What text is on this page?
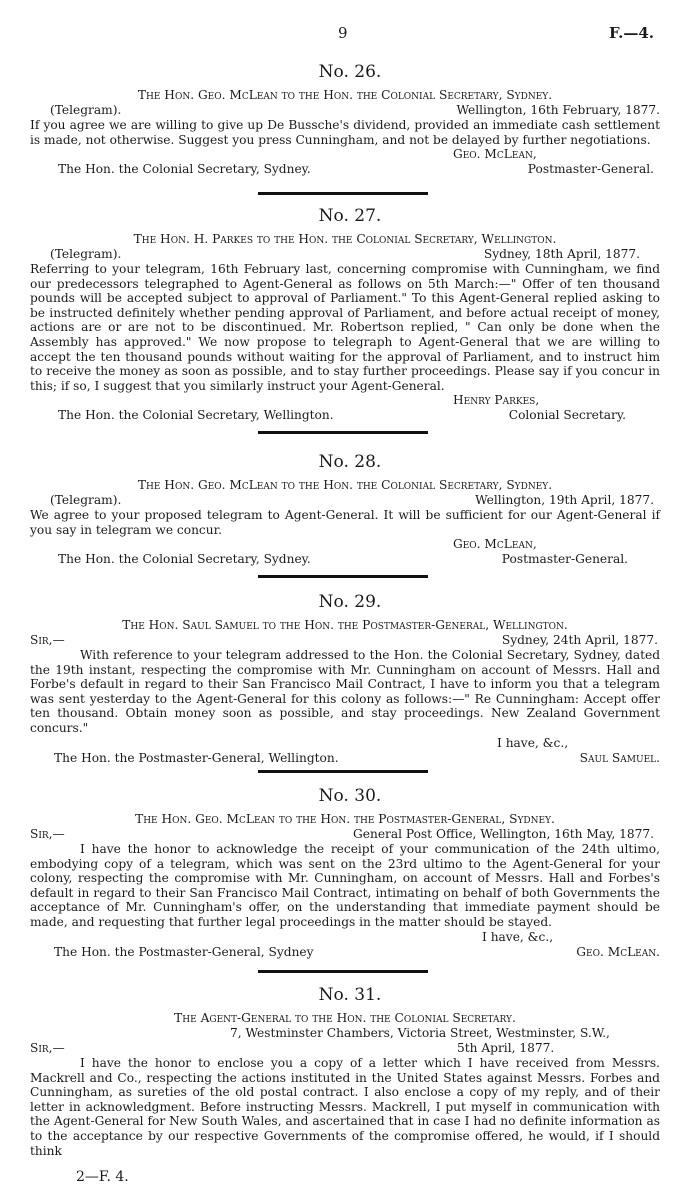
9	F.—4.
No. 26.
The Hon. Geo. McLean to the Hon. the Colonial Secretary, Sydney.
(Telegram).	Wellington, 16th February, 1877.

If you agree we are willing to give up De Bussche's dividend, provided an immediate cash settlement is made, not otherwise. Suggest you press Cunningham, and not be delayed by further negotiations.

Geo. McLean,
The Hon. the Colonial Secretary, Sydney.	Postmaster-General.
No. 27.
The Hon. H. Parkes to the Hon. the Colonial Secretary, Wellington.
(Telegram).	Sydney, 18th April, 1877.

Referring to your telegram, 16th February last, concerning compromise with Cunningham, we find our predecessors telegraphed to Agent-General as follows on 5th March:—" Offer of ten thousand pounds will be accepted subject to approval of Parliament." To this Agent-General replied asking to be instructed definitely whether pending approval of Parliament, and before actual receipt of money, actions are or are not to be discontinued. Mr. Robertson replied, " Can only be done when the Assembly has approved." We now propose to telegraph to Agent-General that we are willing to accept the ten thousand pounds without waiting for the approval of Parliament, and to instruct him to receive the money as soon as possible, and to stay further proceedings. Please say if you concur in this; if so, I suggest that you similarly instruct your Agent-General.

Henry Parkes,
The Hon. the Colonial Secretary, Wellington.	Colonial Secretary.
No. 28.
The Hon. Geo. McLean to the Hon. the Colonial Secretary, Sydney.
(Telegram).	Wellington, 19th April, 1877.

We agree to your proposed telegram to Agent-General. It will be sufficient for our Agent-General if you say in telegram we concur.

Geo. McLean,
The Hon. the Colonial Secretary, Sydney.	Postmaster-General.
No. 29.
The Hon. Saul Samuel to the Hon. the Postmaster-General, Wellington.
Sir,—	Sydney, 24th April, 1877.

With reference to your telegram addressed to the Hon. the Colonial Secretary, Sydney, dated the 19th instant, respecting the compromise with Mr. Cunningham on account of Messrs. Hall and Forbe's default in regard to their San Francisco Mail Contract, I have to inform you that a telegram was sent yesterday to the Agent-General for this colony as follows:—" Re Cunningham: Accept offer ten thousand. Obtain money soon as possible, and stay proceedings. New Zealand Government concurs."

I have, &c.,
The Hon. the Postmaster-General, Wellington.	Saul Samuel.
No. 30.
The Hon. Geo. McLean to the Hon. the Postmaster-General, Sydney.
Sir,—	General Post Office, Wellington, 16th May, 1877.

I have the honor to acknowledge the receipt of your communication of the 24th ultimo, embodying copy of a telegram, which was sent on the 23rd ultimo to the Agent-General for your colony, respecting the compromise with Mr. Cunningham, on account of Messrs. Hall and Forbes's default in regard to their San Francisco Mail Contract, intimating on behalf of both Governments the acceptance of Mr. Cunningham's offer, on the understanding that immediate payment should be made, and requesting that further legal proceedings in the matter should be stayed.

I have, &c.,
The Hon. the Postmaster-General, Sydney	Geo. McLean.
No. 31.
The Agent-General to the Hon. the Colonial Secretary.
7, Westminster Chambers, Victoria Street, Westminster, S.W.,
Sir,—	5th April, 1877.

I have the honor to enclose you a copy of a letter which I have received from Messrs. Mackrell and Co., respecting the actions instituted in the United States against Messrs. Forbes and Cunningham, as sureties of the old postal contract. I also enclose a copy of my reply, and of their letter in acknowledgment. Before instructing Messrs. Mackrell, I put myself in communication with the Agent-General for New South Wales, and ascertained that in case I had no definite information as to the acceptance by our respective Governments of the compromise offered, he would, if I should think

2—F. 4.
